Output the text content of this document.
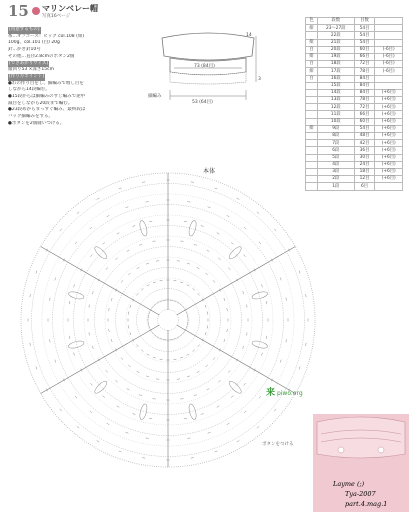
15 マリンベレー帽
写真16ページ
[用意するもの]
糸…オフコース！ビッグ col.108 (紺)
100g、col.101 (白) 20g
針…かぎ針10号
その他…直径2.8cmのボタン2個
[できあがりサイズ]
頭回り53 ×深さ15cm
[作り方ポイント]
●わの作り目をし、細編みで増し目を
しながら14段編む。
●15段からは細編みのすじ編みで途中
減目をしながら20段まで編む。
●23段めからまっすぐ編み、最終段は
バック細編みをする。
●ボタンを2個縫いつける。
14
3
73 (84目)
53 (64目)
細編み
色	段数	目数	
紺	23～27段	54目	
	22段	54目	
紺	21段	54目	
白	20段	60目	(-6目)
紺	19段	66目	(-6目)
白	18段	72目	(-6目)
紺	17段	78目	(-6目)
白	16段	84目	
	15段	84目	
	14段	84目	(+6目)
	13段	78目	(+6目)
	12段	72目	(+6目)
	11段	66目	(+6目)
	10段	60目	(+6目)
紺	9段	54目	(+6目)
	8段	48目	(+6目)
	7段	42目	(+6目)
	6段	36目	(+6目)
	5段	30目	(+6目)
	4段	24目	(+6目)
	3段	18目	(+6目)
	2段	12目	(+6目)
	1段	6目	
本体
来 piwo.org
ボタンをつける
Layme (;)
Tya-2007
part.4.mag.1
